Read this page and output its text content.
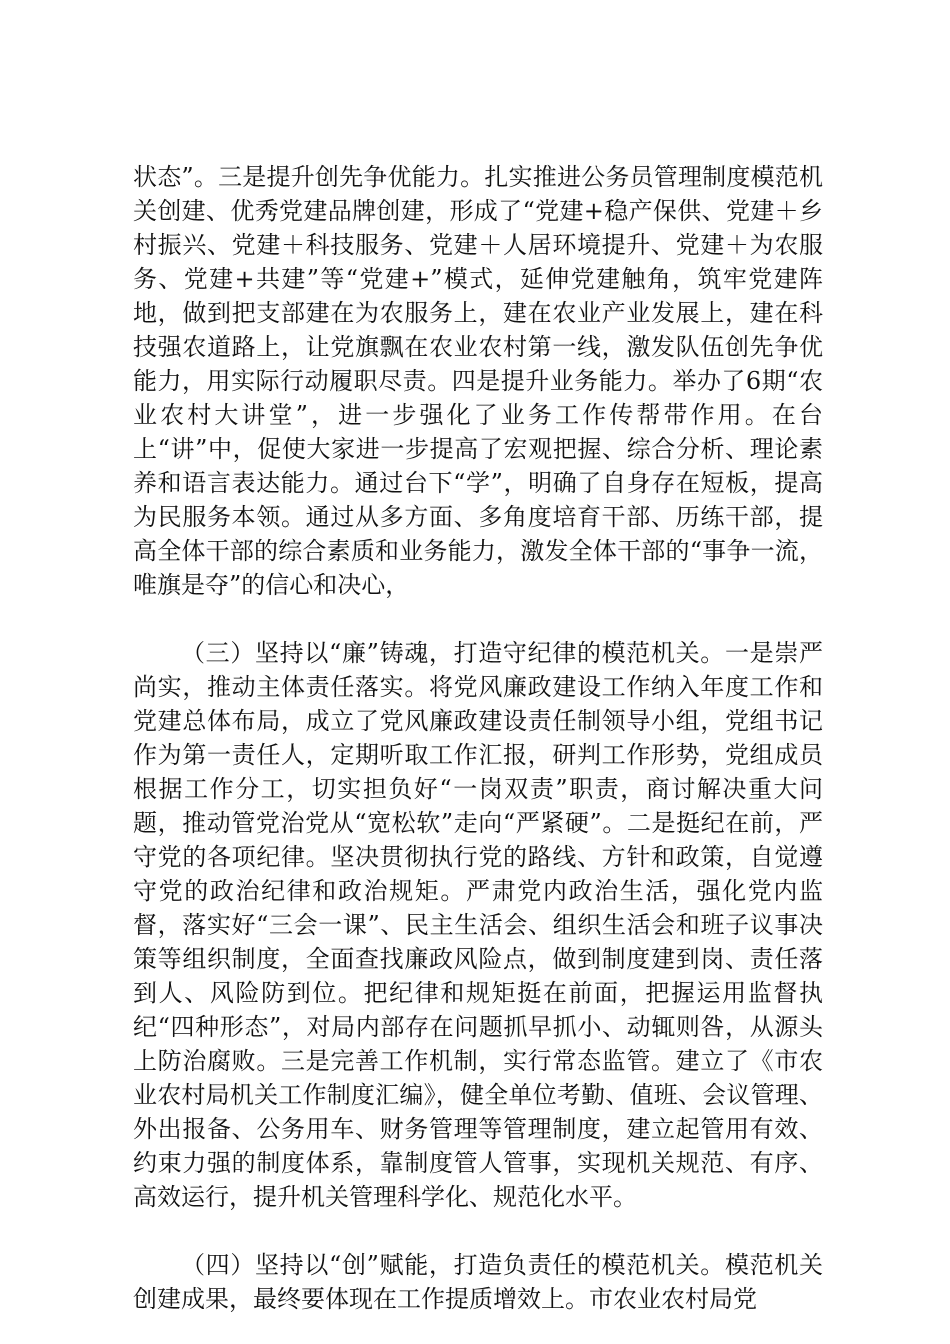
状态”。三是提升创先争优能力。扎实推进公务员管理制度模范机关创建、优秀党建品牌创建，形成了“党建+稳产保供、党建＋乡村振兴、党建＋科技服务、党建＋人居环境提升、党建＋为农服务、党建+共建”等“党建+”模式，延伸党建触角，筑牢党建阵地，做到把支部建在为农服务上，建在农业产业发展上，建在科技强农道路上，让党旗飘在农业农村第一线，激发队伍创先争优能力，用实际行动履职尽责。四是提升业务能力。举办了6期“农业农村大讲堂”，进一步强化了业务工作传帮带作用。在台上“讲”中，促使大家进一步提高了宏观把握、综合分析、理论素养和语言表达能力。通过台下“学”，明确了自身存在短板，提高为民服务本领。通过从多方面、多角度培育干部、历练干部，提高全体干部的综合素质和业务能力，激发全体干部的“事争一流，唯旗是夺”的信心和决心，

（三）坚持以“廉”铸魂，打造守纪律的模范机关。一是崇严尚实，推动主体责任落实。将党风廉政建设工作纳入年度工作和党建总体布局，成立了党风廉政建设责任制领导小组，党组书记作为第一责任人，定期听取工作汇报，研判工作形势，党组成员根据工作分工，切实担负好“一岗双责”职责，商讨解决重大问题，推动管党治党从“宽松软”走向“严紧硬”。二是挺纪在前，严守党的各项纪律。坚决贯彻执行党的路线、方针和政策，自觉遵守党的政治纪律和政治规矩。严肃党内政治生活，强化党内监督，落实好“三会一课”、民主生活会、组织生活会和班子议事决策等组织制度，全面查找廉政风险点，做到制度建到岗、责任落到人、风险防到位。把纪律和规矩挺在前面，把握运用监督执纪“四种形态”，对局内部存在问题抓早抓小、动辄则咎，从源头上防治腐败。三是完善工作机制，实行常态监管。建立了《市农业农村局机关工作制度汇编》，健全单位考勤、值班、会议管理、外出报备、公务用车、财务管理等管理制度，建立起管用有效、约束力强的制度体系，靠制度管人管事，实现机关规范、有序、高效运行，提升机关管理科学化、规范化水平。

（四）坚持以“创”赋能，打造负责任的模范机关。模范机关创建成果，最终要体现在工作提质增效上。市农业农村局党
